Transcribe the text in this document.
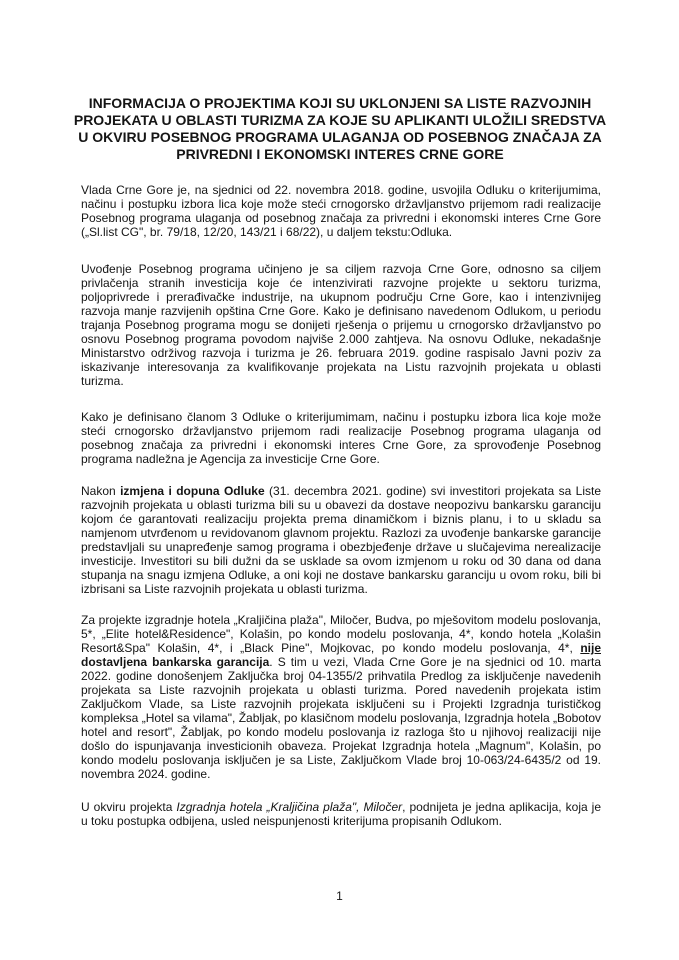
INFORMACIJA O PROJEKTIMA KOJI SU UKLONJENI SA LISTE RAZVOJNIH
PROJEKATA U OBLASTI TURIZMA ZA KOJE SU APLIKANTI ULOŽILI SREDSTVA
U OKVIRU POSEBNOG PROGRAMA ULAGANJA OD POSEBNOG ZNAČAJA ZA
PRIVREDNI I EKONOMSKI INTERES CRNE GORE
Vlada Crne Gore je, na sjednici od 22. novembra 2018. godine, usvojila Odluku o kriterijumima,
načinu i postupku izbora lica koje može steći crnogorsko državljanstvo prijemom radi realizacije
Posebnog programa ulaganja od posebnog značaja za privredni i ekonomski interes Crne Gore
(„Sl.list CG", br. 79/18, 12/20, 143/21 i 68/22), u daljem tekstu:Odluka.
Uvođenje Posebnog programa učinjeno je sa ciljem razvoja Crne Gore, odnosno sa ciljem
privlačenja stranih investicija koje će intenzivirati razvojne projekte u sektoru turizma,
poljoprivrede i prerađivačke industrije, na ukupnom području Crne Gore, kao i intenzivnijeg
razvoja manje razvijenih opština Crne Gore. Kako je definisano navedenom Odlukom, u periodu
trajanja Posebnog programa mogu se donijeti rješenja o prijemu u crnogorsko državljanstvo po
osnovu Posebnog programa povodom najviše 2.000 zahtjeva. Na osnovu Odluke, nekadašnje
Ministarstvo održivog razvoja i turizma je 26. februara 2019. godine raspisalo Javni poziv za
iskazivanje interesovanja za kvalifikovanje projekata na Listu razvojnih projekata u oblasti
turizma.
Kako je definisano članom 3 Odluke o kriterijumimam, načinu i postupku izbora lica koje može
steći crnogorsko državljanstvo prijemom radi realizacije Posebnog programa ulaganja od
posebnog značaja za privredni i ekonomski interes Crne Gore, za sprovođenje Posebnog
programa nadležna je Agencija za investicije Crne Gore.
Nakon izmjena i dopuna Odluke (31. decembra 2021. godine) svi investitori projekata sa Liste
razvojnih projekata u oblasti turizma bili su u obavezi da dostave neopozivu bankarsku garanciju
kojom će garantovati realizaciju projekta prema dinamičkom i biznis planu, i to u skladu sa
namjenom utvrđenom u revidovanom glavnom projektu. Razlozi za uvođenje bankarske garancije
predstavljali su unapređenje samog programa i obezbjeđenje države u slučajevima nerealizacije
investicije. Investitori su bili dužni da se usklade sa ovom izmjenom u roku od 30 dana od dana
stupanja na snagu izmjena Odluke, a oni koji ne dostave bankarsku garanciju u ovom roku, bili bi
izbrisani sa Liste razvojnih projekata u oblasti turizma.
Za projekte izgradnje hotela „Kraljičina plaža", Miločer, Budva, po mješovitom modelu poslovanja,
5*, „Elite hotel&Residence", Kolašin, po kondo modelu poslovanja, 4*, kondo hotela „Kolašin
Resort&Spa" Kolašin, 4*, i „Black Pine", Mojkovac, po kondo modelu poslovanja, 4*, nije
dostavljena bankarska garancija. S tim u vezi, Vlada Crne Gore je na sjednici od 10. marta
2022. godine donošenjem Zaključka broj 04-1355/2 prihvatila Predlog za isključenje navedenih
projekata sa Liste razvojnih projekata u oblasti turizma. Pored navedenih projekata istim
Zaključkom Vlade, sa Liste razvojnih projekata isključeni su i Projekti Izgradnja turističkog
kompleksa „Hotel sa vilama", Žabljak, po klasičnom modelu poslovanja, Izgradnja hotela „Bobotov
hotel and resort", Žabljak, po kondo modelu poslovanja iz razloga što u njihovoj realizaciji nije
došlo do ispunjavanja investicionih obaveza. Projekat Izgradnja hotela „Magnum", Kolašin, po
kondo modelu poslovanja isključen je sa Liste, Zaključkom Vlade broj 10-063/24-6435/2 od 19.
novembra 2024. godine.
U okviru projekta Izgradnja hotela „Kraljičina plaža", Miločer, podnijeta je jedna aplikacija, koja je
u toku postupka odbijena, usled neispunjenosti kriterijuma propisanih Odlukom.
1
